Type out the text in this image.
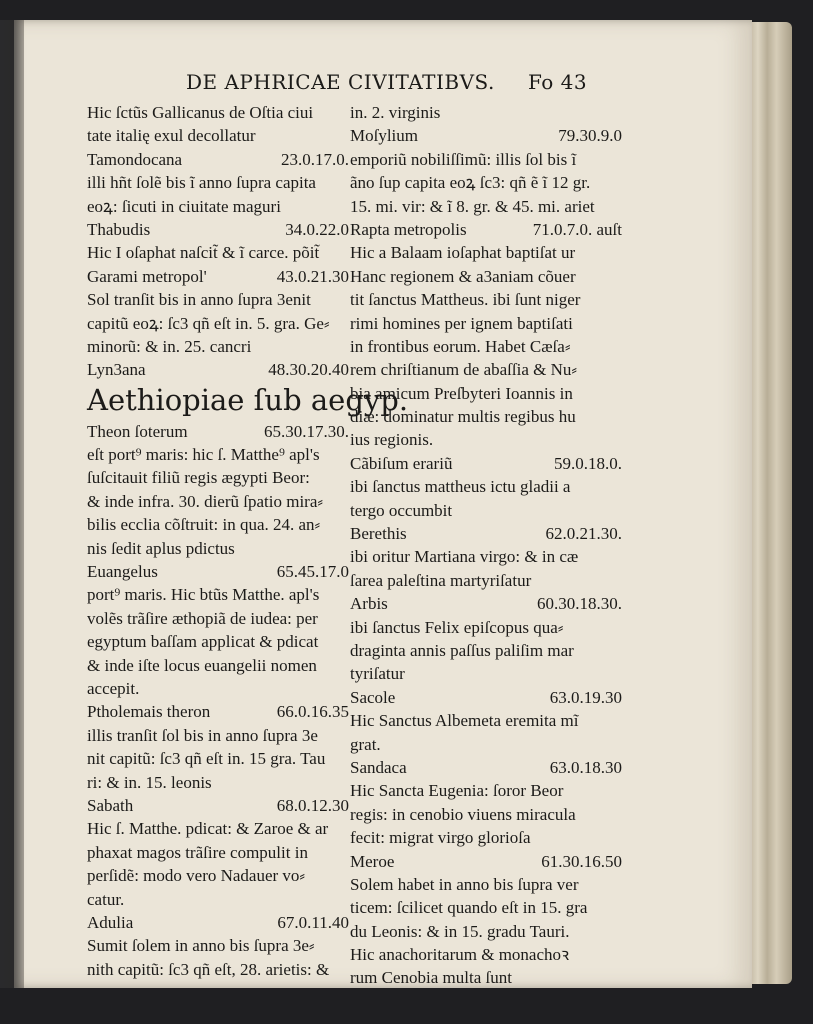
DE APHRICAE CIVITATIBVS. Fo 43
Hic ſctũs Gallicanus de Oſtia ciui
tate italię exul decollatur
Tamondocana	23.0.17.0.
illi hñt ſolẽ bis ĩ anno ſupra capita
eoꝝ: ſicuti in ciuitate maguri
Thabudis	34.0.22.0
Hic I oſaphat naſcit̃ & ĩ carce. põit̃
Garami metropol'	43.0.21.30
Sol tranſit bis in anno ſupra 3enit
capitũ eoꝝ: ſc3 qñ eſt in. 5. gra. Ge⸗
minorũ: & in. 25. cancri
Lyn3ana	48.30.20.40
Aethiopiae ſub aegyp.
Theon ſoterum	65.30.17.30.
eſt port⁹ maris: hic ſ. Matthe⁹ apl's
ſuſcitauit filiũ regis ægypti Beor:
& inde infra. 30. dierũ ſpatio mira⸗
bilis ecclia cõſtruit: in qua. 24. an⸗
nis ſedit aplus pdictus
Euangelus	65.45.17.0
port⁹ maris. Hic btũs Matthe. apl's
volẽs trãſire æthopiã de iudea: per
egyptum baſſam applicat & pdicat
& inde iſte locus euangelii nomen
accepit.
Ptholemais theron	66.0.16.35
illis tranſit ſol bis in anno ſupra 3e
nit capitũ: ſc3 qñ eſt in. 15 gra. Tau
ri: & in. 15. leonis
Sabath	68.0.12.30
Hic ſ. Matthe. pdicat: & Zaroe & ar
phaxat magos trãſire compulit in
perſidẽ: modo vero Nadauer vo⸗
catur.
Adulia	67.0.11.40
Sumit ſolem in anno bis ſupra 3e⸗
nith capitũ: ſc3 qñ eſt, 28. arietis: &
in. 2. virginis
Moſylium	79.30.9.0
emporiũ nobiliſſimũ: illis ſol bis ĩ
ãno ſup capita eoꝝ ſc3: qñ ẽ ĩ 12 gr.
15. mi. vir: & ĩ 8. gr. & 45. mi. ariet
Rapta metropolis	71.0.7.0. auſt
Hic a Balaam ioſaphat baptiſat ur
Hanc regionem & a3aniam cõuer
tit ſanctus Mattheus. ibi ſunt niger
rimi homines per ignem baptiſati
in frontibus eorum. Habet Cæſa⸗
rem chriſtianum de abaſſia & Nu⸗
bia amicum Preſbyteri Ioannis in
diæ: dominatur multis regibus hu
ius regionis.
Cãbiſum erariũ	59.0.18.0.
ibi ſanctus mattheus ictu gladii a
tergo occumbit
Berethis	62.0.21.30.
ibi oritur Martiana virgo: & in cæ
ſarea paleſtina martyriſatur
Arbis	60.30.18.30.
ibi ſanctus Felix epiſcopus qua⸗
draginta annis paſſus paliſim mar
tyriſatur
Sacole	63.0.19.30
Hic Sanctus Albemeta eremita mĩ
grat.
Sandaca	63.0.18.30
Hic Sancta Eugenia: ſoror Beor
regis: in cenobio viuens miracula
fecit: migrat virgo glorioſa
Meroe	61.30.16.50
Solem habet in anno bis ſupra ver
ticem: ſcilicet quando eſt in 15. gra
du Leonis: & in 15. gradu Tauri.
Hic anachoritarum & monachoꝛ
rum Cenobia multa ſunt
